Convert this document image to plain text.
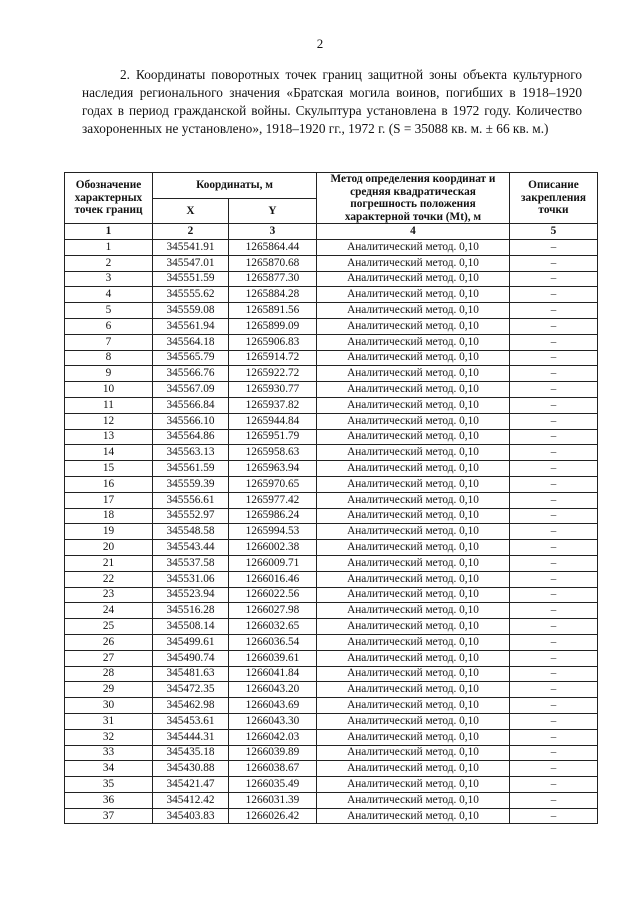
2

2. Координаты поворотных точек границ защитной зоны объекта культурного наследия регионального значения «Братская могила воинов, погибших в 1918–1920 годах в период гражданской войны. Скульптура установлена в 1972 году. Количество захороненных не установлено», 1918–1920 гг., 1972 г. (S = 35088 кв. м. ± 66 кв. м.)

Обозначение характерных точек границ	Координаты, м		Метод определения координат и средняя квадратическая погрешность положения характерной точки (Mt), м	Описание закрепления точки
	X	Y		
1	2	3	4	5
1	345541.91	1265864.44	Аналитический метод. 0,10	–
2	345547.01	1265870.68	Аналитический метод. 0,10	–
3	345551.59	1265877.30	Аналитический метод. 0,10	–
4	345555.62	1265884.28	Аналитический метод. 0,10	–
5	345559.08	1265891.56	Аналитический метод. 0,10	–
6	345561.94	1265899.09	Аналитический метод. 0,10	–
7	345564.18	1265906.83	Аналитический метод. 0,10	–
8	345565.79	1265914.72	Аналитический метод. 0,10	–
9	345566.76	1265922.72	Аналитический метод. 0,10	–
10	345567.09	1265930.77	Аналитический метод. 0,10	–
11	345566.84	1265937.82	Аналитический метод. 0,10	–
12	345566.10	1265944.84	Аналитический метод. 0,10	–
13	345564.86	1265951.79	Аналитический метод. 0,10	–
14	345563.13	1265958.63	Аналитический метод. 0,10	–
15	345561.59	1265963.94	Аналитический метод. 0,10	–
16	345559.39	1265970.65	Аналитический метод. 0,10	–
17	345556.61	1265977.42	Аналитический метод. 0,10	–
18	345552.97	1265986.24	Аналитический метод. 0,10	–
19	345548.58	1265994.53	Аналитический метод. 0,10	–
20	345543.44	1266002.38	Аналитический метод. 0,10	–
21	345537.58	1266009.71	Аналитический метод. 0,10	–
22	345531.06	1266016.46	Аналитический метод. 0,10	–
23	345523.94	1266022.56	Аналитический метод. 0,10	–
24	345516.28	1266027.98	Аналитический метод. 0,10	–
25	345508.14	1266032.65	Аналитический метод. 0,10	–
26	345499.61	1266036.54	Аналитический метод. 0,10	–
27	345490.74	1266039.61	Аналитический метод. 0,10	–
28	345481.63	1266041.84	Аналитический метод. 0,10	–
29	345472.35	1266043.20	Аналитический метод. 0,10	–
30	345462.98	1266043.69	Аналитический метод. 0,10	–
31	345453.61	1266043.30	Аналитический метод. 0,10	–
32	345444.31	1266042.03	Аналитический метод. 0,10	–
33	345435.18	1266039.89	Аналитический метод. 0,10	–
34	345430.88	1266038.67	Аналитический метод. 0,10	–
35	345421.47	1266035.49	Аналитический метод. 0,10	–
36	345412.42	1266031.39	Аналитический метод. 0,10	–
37	345403.83	1266026.42	Аналитический метод. 0,10	–
